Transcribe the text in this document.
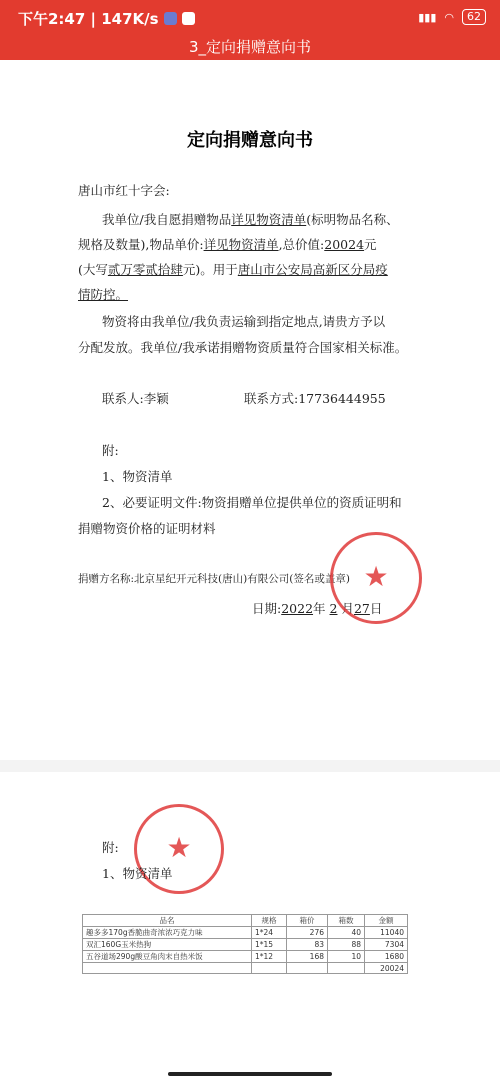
下午2:47 | 147K/s	▮▮▮ ◠	62
3_定向捐赠意向书
定向捐赠意向书
唐山市红十字会:
我单位/我自愿捐赠物品详见物资清单(标明物品名称、
规格及数量),物品单价:详见物资清单,总价值:20024元
(大写贰万零贰拾肆元)。用于唐山市公安局高新区分局疫
情防控。
物资将由我单位/我负责运输到指定地点,请贵方予以
分配发放。我单位/我承诺捐赠物资质量符合国家相关标准。
联系人:李颖	联系方式:17736444955
附:
1、物资清单
2、必要证明文件:物资捐赠单位提供单位的资质证明和
捐赠物资价格的证明材料
捐赠方名称:北京星纪开元科技(唐山)有限公司(签名或盖章)
日期:2022年 2 月27日
★
★
附:
1、物资清单
品名	规格	箱价	箱数	金额
趣多多170g香脆曲奇浓浓巧克力味	1*24	276	40	11040
双汇160G玉米热狗	1*15	83	88	7304
五谷道场290g酸豆角肉末自热米饭	1*12	168	10	1680
				20024
